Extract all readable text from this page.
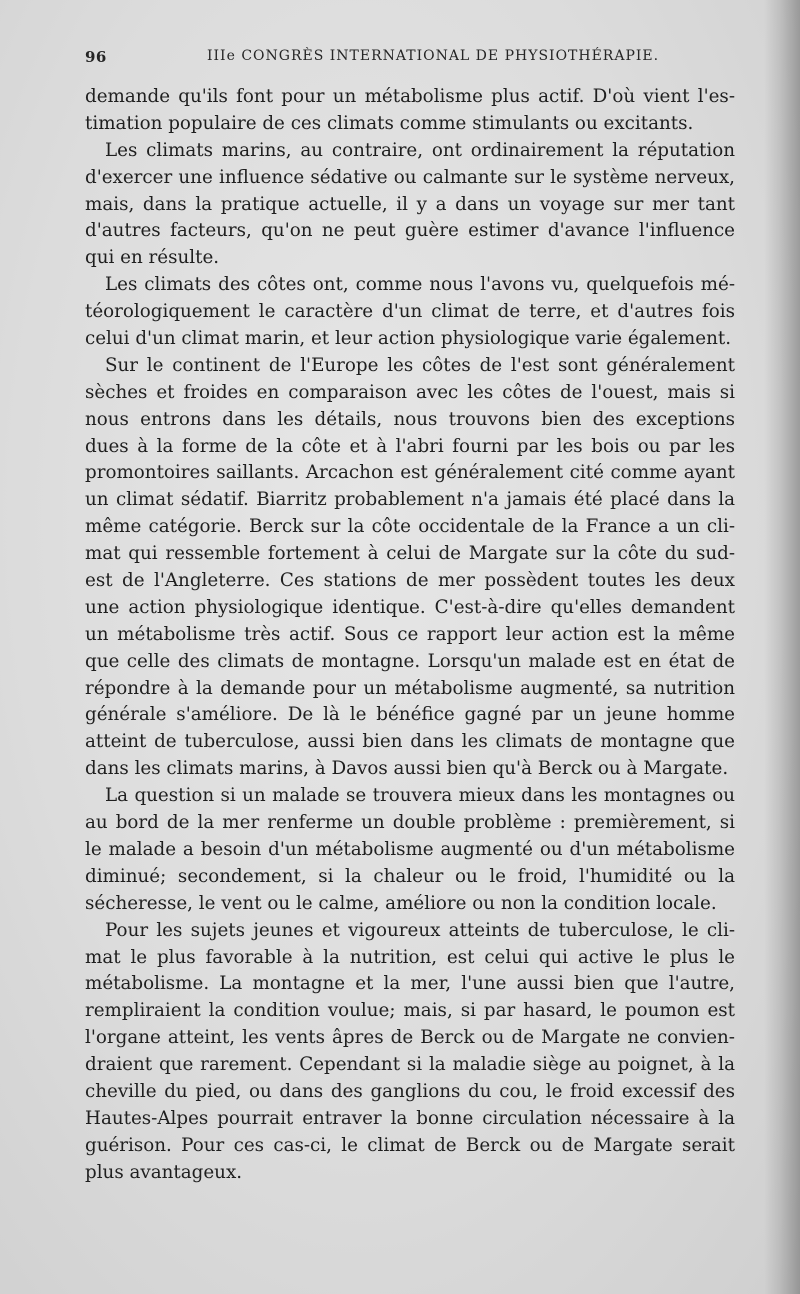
96	IIIe CONGRÈS INTERNATIONAL DE PHYSIOTHÉRAPIE.
demande qu'ils font pour un métabolisme plus actif. D'où vient l'es-
timation populaire de ces climats comme stimulants ou excitants.
Les climats marins, au contraire, ont ordinairement la réputation
d'exercer une influence sédative ou calmante sur le système nerveux,
mais, dans la pratique actuelle, il y a dans un voyage sur mer tant
d'autres facteurs, qu'on ne peut guère estimer d'avance l'influence
qui en résulte.
Les climats des côtes ont, comme nous l'avons vu, quelquefois mé-
téorologiquement le caractère d'un climat de terre, et d'autres fois
celui d'un climat marin, et leur action physiologique varie également.
Sur le continent de l'Europe les côtes de l'est sont généralement
sèches et froides en comparaison avec les côtes de l'ouest, mais si
nous entrons dans les détails, nous trouvons bien des exceptions
dues à la forme de la côte et à l'abri fourni par les bois ou par les
promontoires saillants. Arcachon est généralement cité comme ayant
un climat sédatif. Biarritz probablement n'a jamais été placé dans la
même catégorie. Berck sur la côte occidentale de la France a un cli-
mat qui ressemble fortement à celui de Margate sur la côte du sud-
est de l'Angleterre. Ces stations de mer possèdent toutes les deux
une action physiologique identique. C'est-à-dire qu'elles demandent
un métabolisme très actif. Sous ce rapport leur action est la même
que celle des climats de montagne. Lorsqu'un malade est en état de
répondre à la demande pour un métabolisme augmenté, sa nutrition
générale s'améliore. De là le bénéfice gagné par un jeune homme
atteint de tuberculose, aussi bien dans les climats de montagne que
dans les climats marins, à Davos aussi bien qu'à Berck ou à Margate.
La question si un malade se trouvera mieux dans les montagnes ou
au bord de la mer renferme un double problème : premièrement, si
le malade a besoin d'un métabolisme augmenté ou d'un métabolisme
diminué; secondement, si la chaleur ou le froid, l'humidité ou la
sécheresse, le vent ou le calme, améliore ou non la condition locale.
Pour les sujets jeunes et vigoureux atteints de tuberculose, le cli-
mat le plus favorable à la nutrition, est celui qui active le plus le
métabolisme. La montagne et la mer, l'une aussi bien que l'autre,
rempliraient la condition voulue; mais, si par hasard, le poumon est
l'organe atteint, les vents âpres de Berck ou de Margate ne convien-
draient que rarement. Cependant si la maladie siège au poignet, à la
cheville du pied, ou dans des ganglions du cou, le froid excessif des
Hautes-Alpes pourrait entraver la bonne circulation nécessaire à la
guérison. Pour ces cas-ci, le climat de Berck ou de Margate serait
plus avantageux.
